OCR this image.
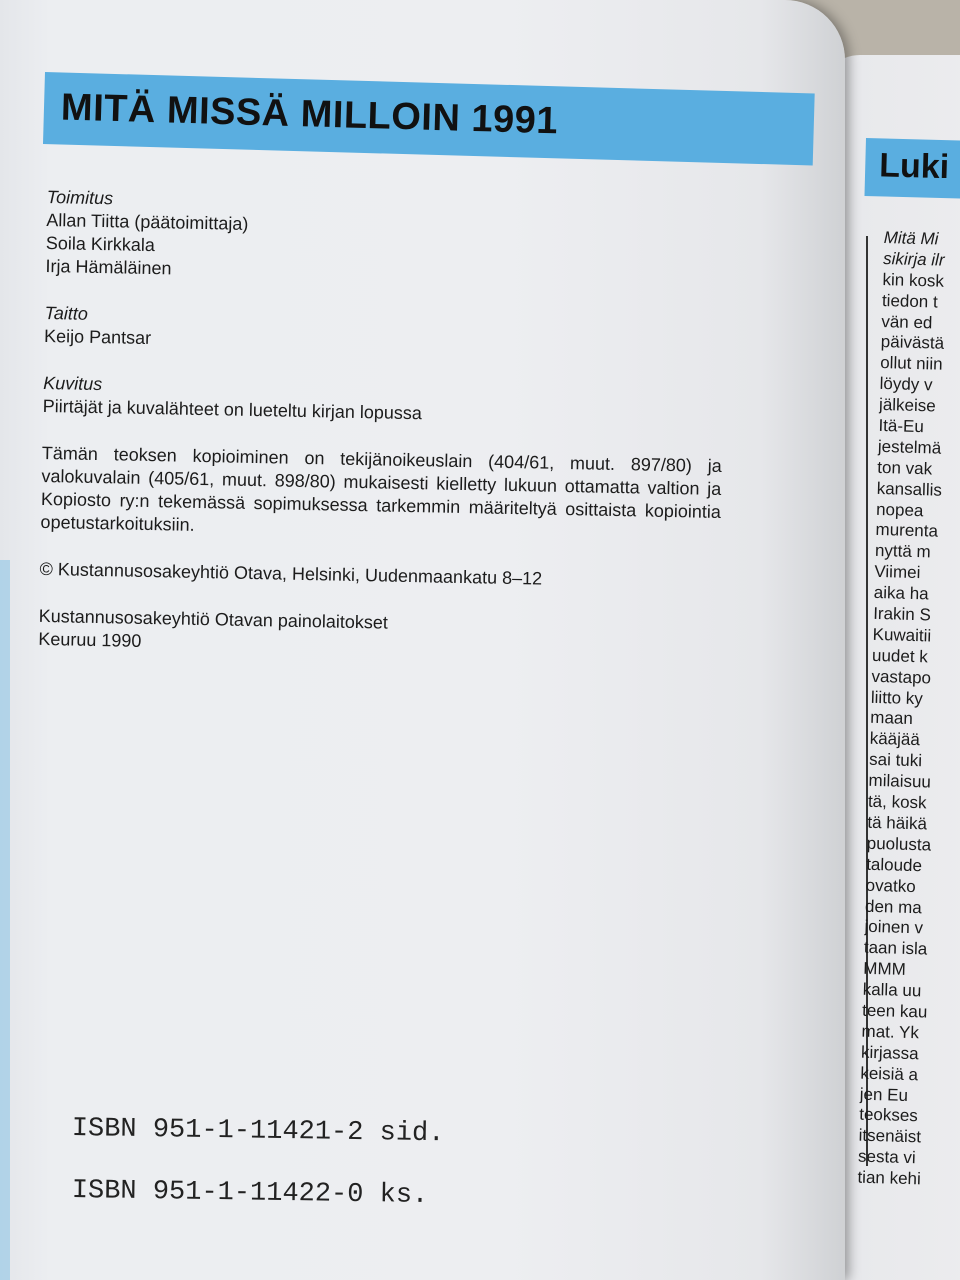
Luki
Mitä Mi
sikirja ilr
kin kosk
tiedon t
vän ed
päivästä
ollut niin
löydy v
jälkeise
Itä-Eu
jestelmä
ton vak
kansallis
nopea
murenta
nyttä m
Viimei
aika ha
Irakin S
Kuwaitii
uudet k
vastapo
liitto ky
maan
kääjää
sai tuki
milaisuu
tä, kosk
tä häikä
puolusta
taloude
ovatko
den ma
joinen v
taan isla
MMM
kalla uu
teen kau
mat. Yk
kirjassa
keisiä a
jen Eu
teokses
itsenäist
sesta vi
tian kehi
MITÄ MISSÄ MILLOIN 1991

Toimitus

Allan Tiitta (päätoimittaja)

Soila Kirkkala

Irja Hämäläinen

Taitto

Keijo Pantsar

Kuvitus

Piirtäjät ja kuvalähteet on lueteltu kirjan lopussa

Tämän teoksen kopioiminen on tekijänoikeuslain (404/61, muut. 897/80) ja valokuvalain (405/61, muut. 898/80) mukaisesti kielletty lukuun ottamatta valtion ja Kopiosto ry:n tekemässä sopimuksessa tarkemmin määriteltyä osittaista kopiointia opetustarkoituksiin.

© Kustannusosakeyhtiö Otava, Helsinki, Uudenmaankatu 8–12

Kustannusosakeyhtiö Otavan painolaitokset

Keuruu 1990

ISBN 951-1-11421-2 sid.
ISBN 951-1-11422-0 ks.
